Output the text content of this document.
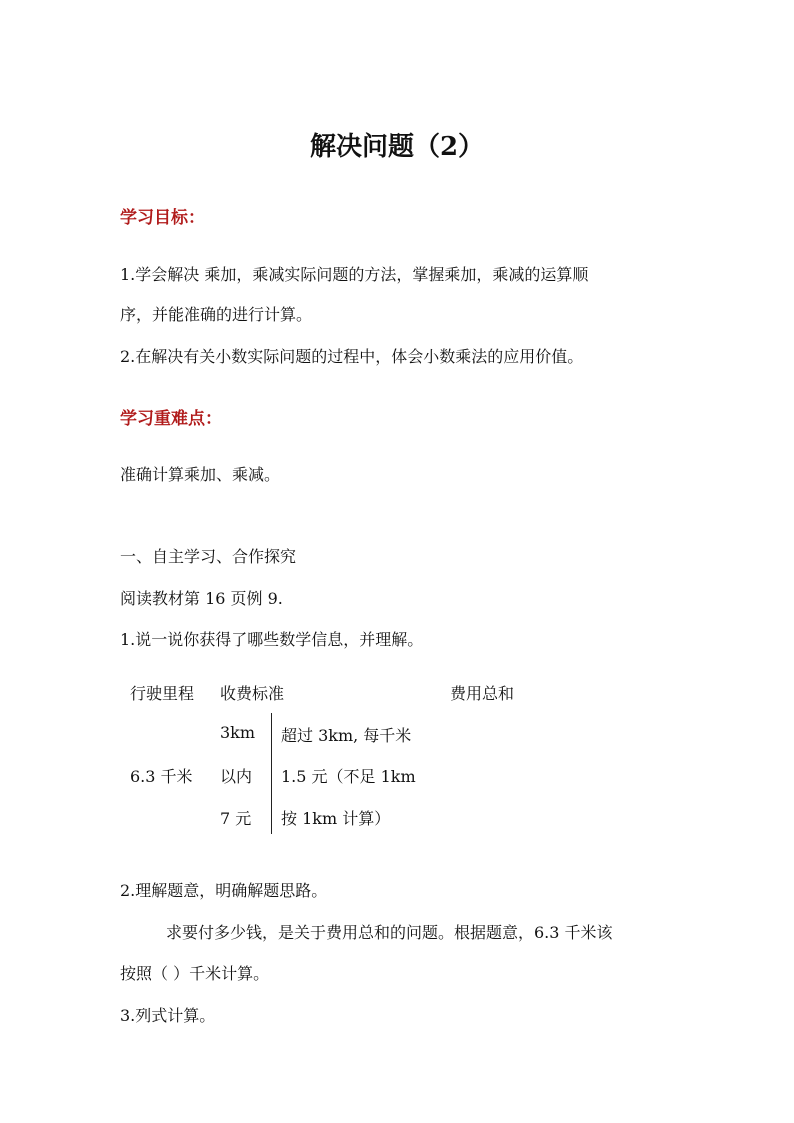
解决问题（2）
学习目标：
1.学会解决 乘加，乘减实际问题的方法，掌握乘加，乘减的运算顺
序，并能准确的进行计算。
2.在解决有关小数实际问题的过程中，体会小数乘法的应用价值。
学习重难点：
准确计算乘加、乘减。
一、自主学习、合作探究
阅读教材第 16 页例 9.
1.说一说你获得了哪些数学信息，并理解。
行驶里程 收费标准	费用总和
6.3 千米
3km
以内
7 元
超过 3km, 每千米
1.5 元（不足 1km
按 1km 计算）
2.理解题意，明确解题思路。
求要付多少钱，是关于费用总和的问题。根据题意，6.3 千米该
按照（ ）千米计算。
3.列式计算。
